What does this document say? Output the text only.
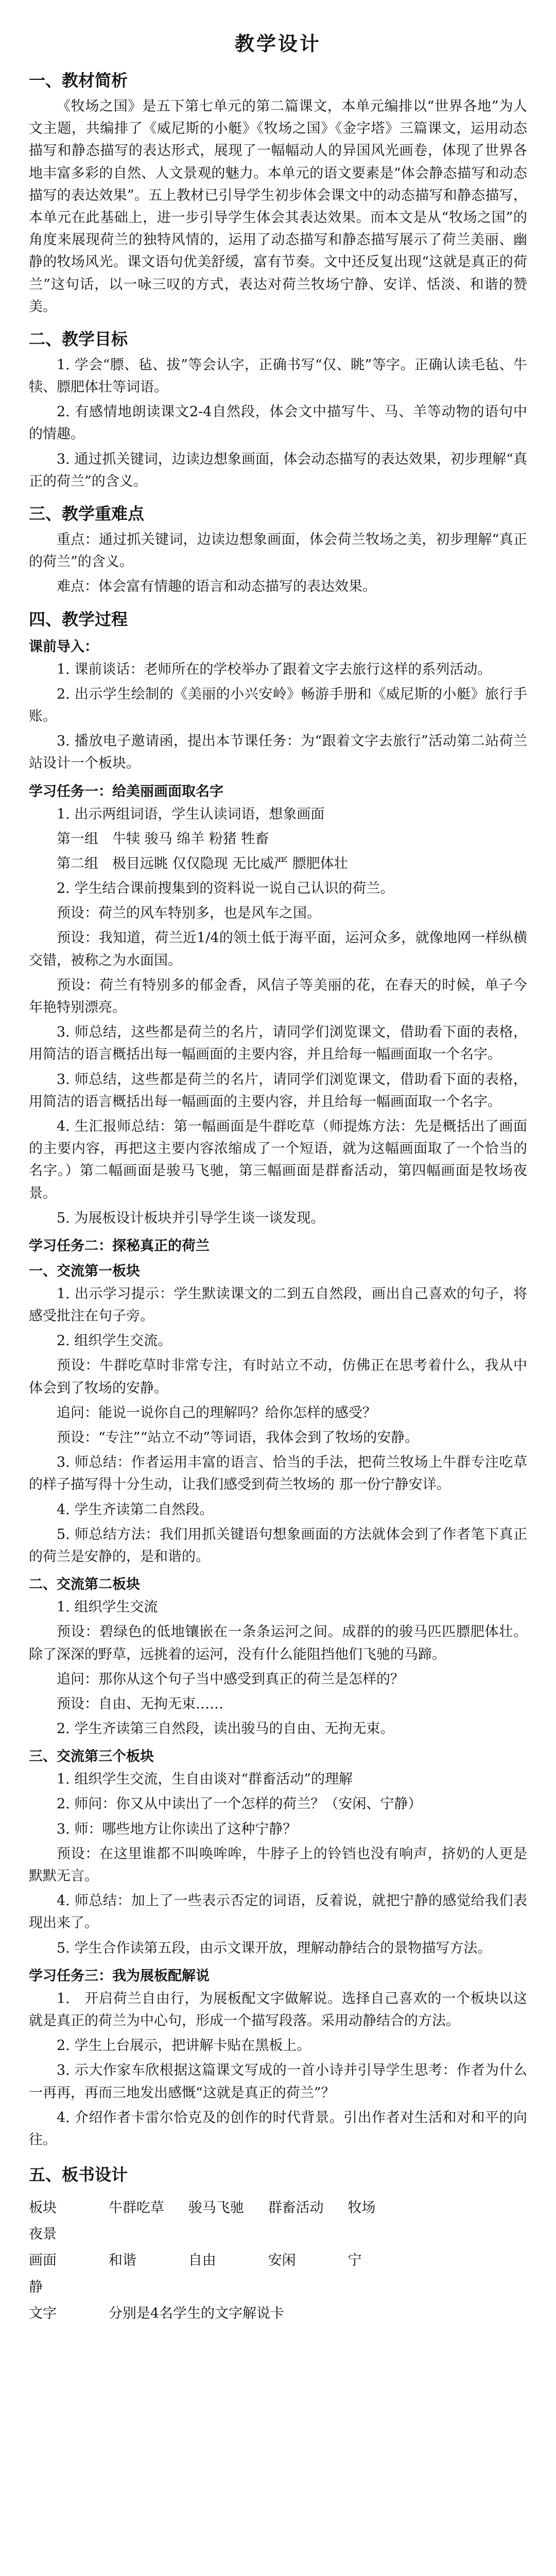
教学设计
一、教材简析

《牧场之国》是五下第七单元的第二篇课文，本单元编排以“世界各地”为人文主题，共编排了《威尼斯的小艇》《牧场之国》《金字塔》三篇课文，运用动态描写和静态描写的表达形式，展现了一幅幅动人的异国风光画卷，体现了世界各地丰富多彩的自然、人文景观的魅力。本单元的语文要素是“体会静态描写和动态描写的表达效果”。五上教材已引导学生初步体会课文中的动态描写和静态描写，本单元在此基础上，进一步引导学生体会其表达效果。而本文是从“牧场之国”的角度来展现荷兰的独特风情的，运用了动态描写和静态描写展示了荷兰美丽、幽静的牧场风光。课文语句优美舒缓，富有节奏。文中还反复出现“这就是真正的荷兰”这句话，以一咏三叹的方式，表达对荷兰牧场宁静、安详、恬淡、和谐的赞美。

二、教学目标

1. 学会“膘、毡、拔”等会认字，正确书写“仅、眺”等字。正确认读毛毡、牛犊、膘肥体壮等词语。

2. 有感情地朗读课文2-4自然段，体会文中描写牛、马、羊等动物的语句中的情趣。

3. 通过抓关键词，边读边想象画面，体会动态描写的表达效果，初步理解“真正的荷兰”的含义。

三、教学重难点

重点：通过抓关键词，边读边想象画面，体会荷兰牧场之美，初步理解“真正的荷兰”的含义。

难点：体会富有情趣的语言和动态描写的表达效果。

四、教学过程
课前导入：

1. 课前谈话：老师所在的学校举办了跟着文字去旅行这样的系列活动。

2. 出示学生绘制的《美丽的小兴安岭》畅游手册和《威尼斯的小艇》旅行手账。

3. 播放电子邀请函，提出本节课任务：为“跟着文字去旅行”活动第二站荷兰站设计一个板块。

学习任务一：给美丽画面取名字

1. 出示两组词语，学生认读词语，想象画面

第一组　牛犊 骏马 绵羊 粉猪 牲畜

第二组　极目远眺 仅仅隐现 无比威严 膘肥体壮

2. 学生结合课前搜集到的资料说一说自己认识的荷兰。

预设：荷兰的风车特别多，也是风车之国。

预设：我知道，荷兰近1/4的领土低于海平面，运河众多，就像地网一样纵横交错，被称之为水面国。

预设：荷兰有特别多的郁金香，风信子等美丽的花，在春天的时候，单子今年艳特别漂亮。

3. 师总结，这些都是荷兰的名片，请同学们浏览课文，借助看下面的表格，用简洁的语言概括出每一幅画面的主要内容，并且给每一幅画面取一个名字。

3. 师总结，这些都是荷兰的名片，请同学们浏览课文，借助看下面的表格，用简洁的语言概括出每一幅画面的主要内容，并且给每一幅画面取一个名字。

4. 生汇报师总结：第一幅画面是牛群吃草（师提炼方法：先是概括出了画面的主要内容，再把这主要内容浓缩成了一个短语，就为这幅画面取了一个恰当的名字。）第二幅画面是骏马飞驰，第三幅画面是群畜活动，第四幅画面是牧场夜景。

5. 为展板设计板块并引导学生谈一谈发现。

学习任务二：探秘真正的荷兰
一、交流第一板块

1. 出示学习提示：学生默读课文的二到五自然段，画出自己喜欢的句子，将感受批注在句子旁。

2. 组织学生交流。

预设：牛群吃草时非常专注，有时站立不动，仿佛正在思考着什么，我从中体会到了牧场的安静。

追问：能说一说你自己的理解吗？给你怎样的感受？

预设：“专注”“站立不动”等词语，我体会到了牧场的安静。

3. 师总结：作者运用丰富的语言、恰当的手法，把荷兰牧场上牛群专注吃草的样子描写得十分生动，让我们感受到荷兰牧场的 那一份宁静安详。

4. 学生齐读第二自然段。

5. 师总结方法：我们用抓关键语句想象画面的方法就体会到了作者笔下真正的荷兰是安静的，是和谐的。

二、交流第二板块

1. 组织学生交流

预设：碧绿色的低地镶嵌在一条条运河之间。成群的的骏马匹匹膘肥体壮。除了深深的野草，远挑着的运河，没有什么能阻挡他们飞驰的马蹄。

追问：那你从这个句子当中感受到真正的荷兰是怎样的？

预设：自由、无拘无束……

2. 学生齐读第三自然段，读出骏马的自由、无拘无束。

三、交流第三个板块

1. 组织学生交流，生自由谈对“群畜活动”的理解

2. 师问：你又从中读出了一个怎样的荷兰？（安闲、宁静）

3. 师：哪些地方让你读出了这种宁静？

预设：在这里谁都不叫唤哞哞，牛脖子上的铃铛也没有响声，挤奶的人更是默默无言。

4. 师总结：加上了一些表示否定的词语，反着说，就把宁静的感觉给我们表现出来了。

5. 学生合作读第五段，由示文课开放，理解动静结合的景物描写方法。

学习任务三：我为展板配解说

1.　开启荷兰自由行，为展板配文字做解说。选择自己喜欢的一个板块以这就是真正的荷兰为中心句，形成一个描写段落。采用动静结合的方法。

2. 学生上台展示，把讲解卡贴在黑板上。

3. 示大作家车欣根据这篇课文写成的一首小诗并引导学生思考：作者为什么一再再，再而三地发出感慨“这就是真正的荷兰”？

4. 介绍作者卡雷尔恰克及的创作的时代背景。引出作者对生活和对和平的向往。

五、板书设计
板块	牛群吃草	骏马飞驰	群畜活动	牧场
夜景
画面	和谐	自由	安闲	宁
静
文字	分别是4名学生的文字解说卡
